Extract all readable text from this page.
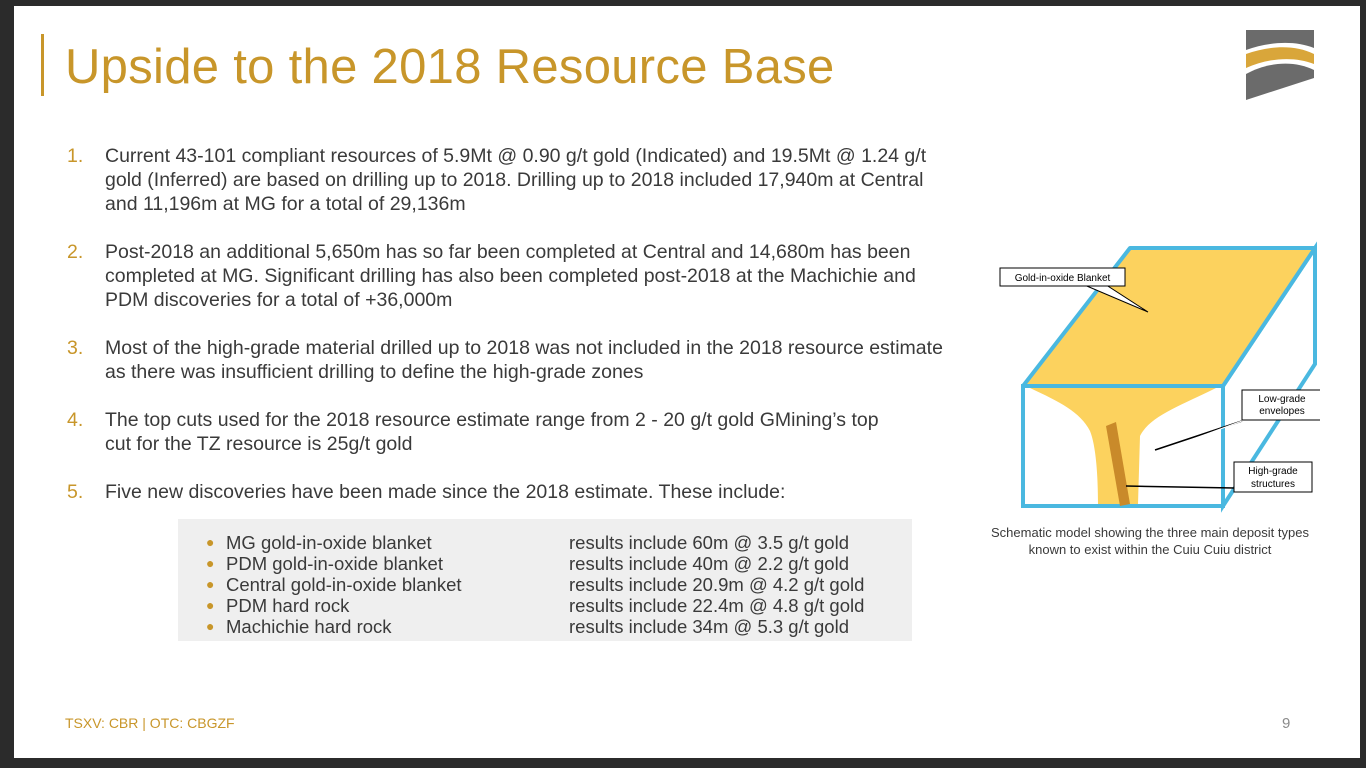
Upside to the 2018 Resource Base
1. Current 43-101 compliant resources of 5.9Mt @ 0.90 g/t gold (Indicated) and 19.5Mt @ 1.24 g/t gold (Inferred) are based on drilling up to 2018. Drilling up to 2018 included 17,940m at Central and 11,196m at MG for a total of 29,136m
2. Post-2018 an additional 5,650m has so far been completed at Central and 14,680m has been completed at MG. Significant drilling has also been completed post-2018 at the Machichie and PDM discoveries for a total of +36,000m
3. Most of the high-grade material drilled up to 2018 was not included in the 2018 resource estimate as there was insufficient drilling to define the high-grade zones
4. The top cuts used for the 2018 resource estimate range from 2 - 20 g/t gold GMining’s top cut for the TZ resource is 25g/t gold
5. Five new discoveries have been made since the 2018 estimate. These include:
● MG gold-in-oxide blanket	results include 60m @ 3.5 g/t gold
● PDM gold-in-oxide blanket	results include 40m @ 2.2 g/t gold
● Central gold-in-oxide blanket	results include 20.9m @ 4.2 g/t gold
● PDM hard rock	results include 22.4m @ 4.8 g/t gold
● Machichie hard rock	results include 34m @ 5.3 g/t gold
Gold-in-oxide Blanket
Low-grade
envelopes
High-grade
structures
Schematic model showing the three main deposit types known to exist within the Cuiu Cuiu district
TSXV: CBR | OTC: CBGZF	9
